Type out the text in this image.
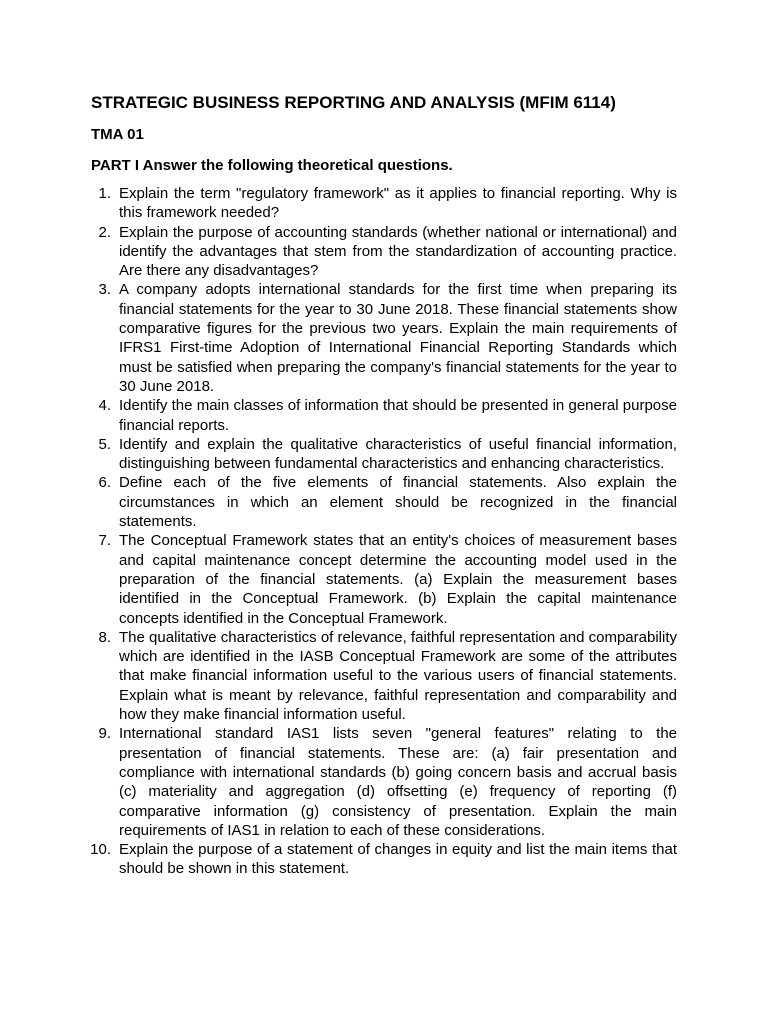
STRATEGIC BUSINESS REPORTING AND ANALYSIS (MFIM 6114)
TMA 01
PART I Answer the following theoretical questions.
1. Explain the term "regulatory framework" as it applies to financial reporting. Why is this framework needed?
2. Explain the purpose of accounting standards (whether national or international) and identify the advantages that stem from the standardization of accounting practice. Are there any disadvantages?
3. A company adopts international standards for the first time when preparing its financial statements for the year to 30 June 2018. These financial statements show comparative figures for the previous two years. Explain the main requirements of IFRS1 First-time Adoption of International Financial Reporting Standards which must be satisfied when preparing the company's financial statements for the year to 30 June 2018.
4. Identify the main classes of information that should be presented in general purpose financial reports.
5. Identify and explain the qualitative characteristics of useful financial information, distinguishing between fundamental characteristics and enhancing characteristics.
6. Define each of the five elements of financial statements. Also explain the circumstances in which an element should be recognized in the financial statements.
7. The Conceptual Framework states that an entity's choices of measurement bases and capital maintenance concept determine the accounting model used in the preparation of the financial statements. (a) Explain the measurement bases identified in the Conceptual Framework. (b) Explain the capital maintenance concepts identified in the Conceptual Framework.
8. The qualitative characteristics of relevance, faithful representation and comparability which are identified in the IASB Conceptual Framework are some of the attributes that make financial information useful to the various users of financial statements. Explain what is meant by relevance, faithful representation and comparability and how they make financial information useful.
9. International standard IAS1 lists seven "general features" relating to the presentation of financial statements. These are: (a) fair presentation and compliance with international standards (b) going concern basis and accrual basis (c) materiality and aggregation (d) offsetting (e) frequency of reporting (f) comparative information (g) consistency of presentation. Explain the main requirements of IAS1 in relation to each of these considerations.
10. Explain the purpose of a statement of changes in equity and list the main items that should be shown in this statement.
